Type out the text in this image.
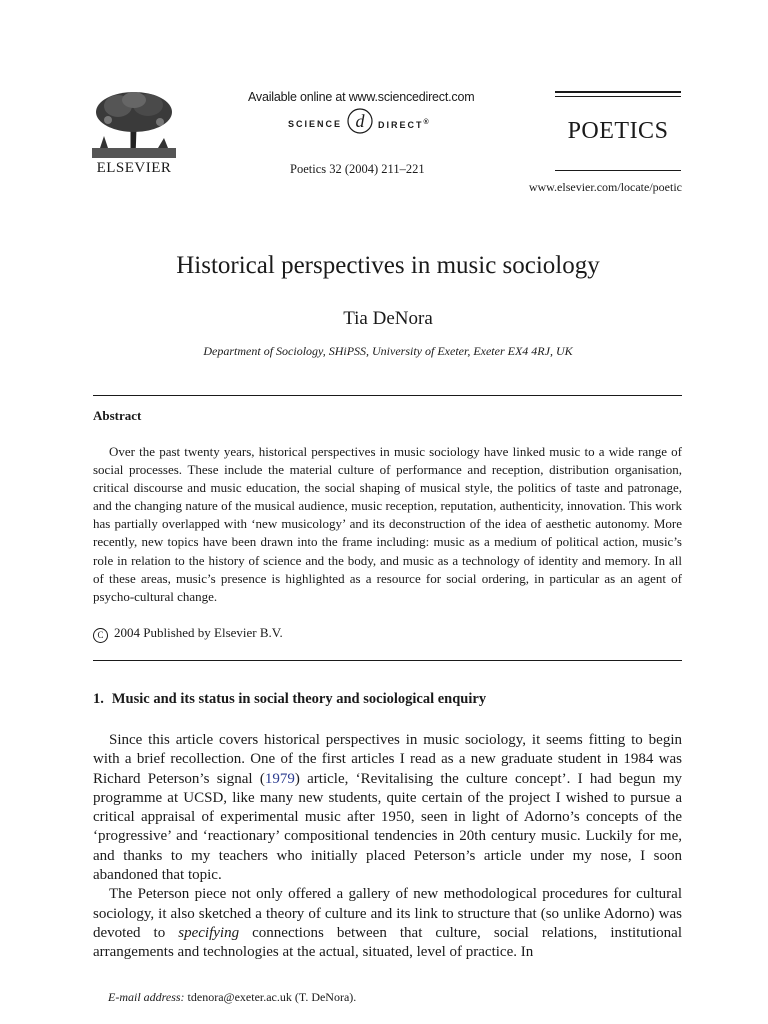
ELSEVIER
Available online at www.sciencedirect.com
SCIENCE d DIRECT®
Poetics 32 (2004) 211–221
POETICS
www.elsevier.com/locate/poetic
Historical perspectives in music sociology
Tia DeNora
Department of Sociology, SHiPSS, University of Exeter, Exeter EX4 4RJ, UK
Abstract

Over the past twenty years, historical perspectives in music sociology have linked music to a wide range of social processes. These include the material culture of performance and reception, distribution organisation, critical discourse and music education, the social shaping of musical style, the politics of taste and patronage, and the changing nature of the musical audience, music reception, reputation, authenticity, innovation. This work has partially overlapped with ‘new musicology’ and its deconstruction of the idea of aesthetic autonomy. More recently, new topics have been drawn into the frame including: music as a medium of political action, music’s role in relation to the history of science and the body, and music as a technology of identity and memory. In all of these areas, music’s presence is highlighted as a resource for social ordering, in particular as an agent of psycho-cultural change.

C 2004 Published by Elsevier B.V.
1. Music and its status in social theory and sociological enquiry

Since this article covers historical perspectives in music sociology, it seems fitting to begin with a brief recollection. One of the first articles I read as a new graduate student in 1984 was Richard Peterson’s signal (1979) article, ‘Revitalising the culture concept’. I had begun my programme at UCSD, like many new students, quite certain of the project I wished to pursue a critical appraisal of experimental music after 1950, seen in light of Adorno’s concepts of the ‘progressive’ and ‘reactionary’ compositional tendencies in 20th century music. Luckily for me, and thanks to my teachers who initially placed Peterson’s article under my nose, I soon abandoned that topic.

The Peterson piece not only offered a gallery of new methodological procedures for cultural sociology, it also sketched a theory of culture and its link to structure that (so unlike Adorno) was devoted to specifying connections between that culture, social relations, institutional arrangements and technologies at the actual, situated, level of practice. In

E-mail address: tdenora@exeter.ac.uk (T. DeNora).
